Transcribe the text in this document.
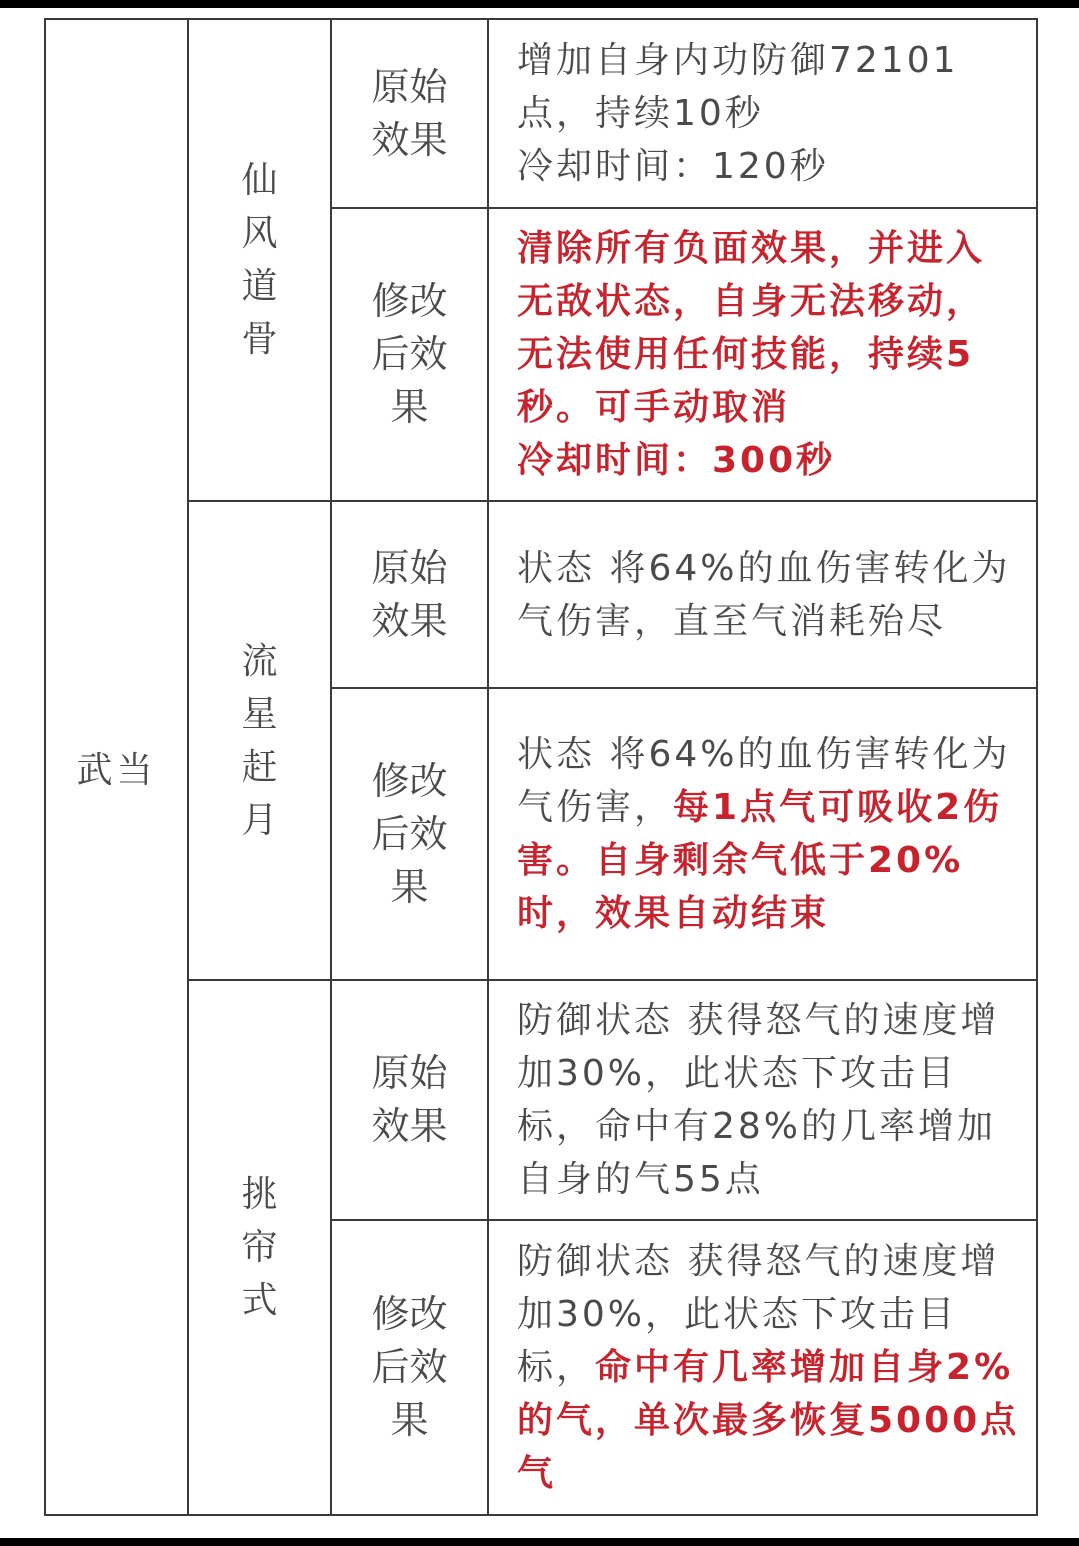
武当	仙风道骨	原始效果	增加自身内功防御72101点，持续10秒
冷却时间：120秒

		修改后效果	清除所有负面效果，并进入无敌状态，自身无法移动，无法使用任何技能，持续5秒。可手动取消
冷却时间：300秒

	流星赶月	原始效果	状态 将64%的血伤害转化为气伤害，直至气消耗殆尽
		修改后效果	状态 将64%的血伤害转化为气伤害，每1点气可吸收2伤害。自身剩余气低于20%时，效果自动结束
	挑帘式	原始效果	防御状态 获得怒气的速度增加30%，此状态下攻击目标，命中有28%的几率增加自身的气55点
		修改后效果	防御状态 获得怒气的速度增加30%，此状态下攻击目标，命中有几率增加自身2%的气，单次最多恢复5000点气
